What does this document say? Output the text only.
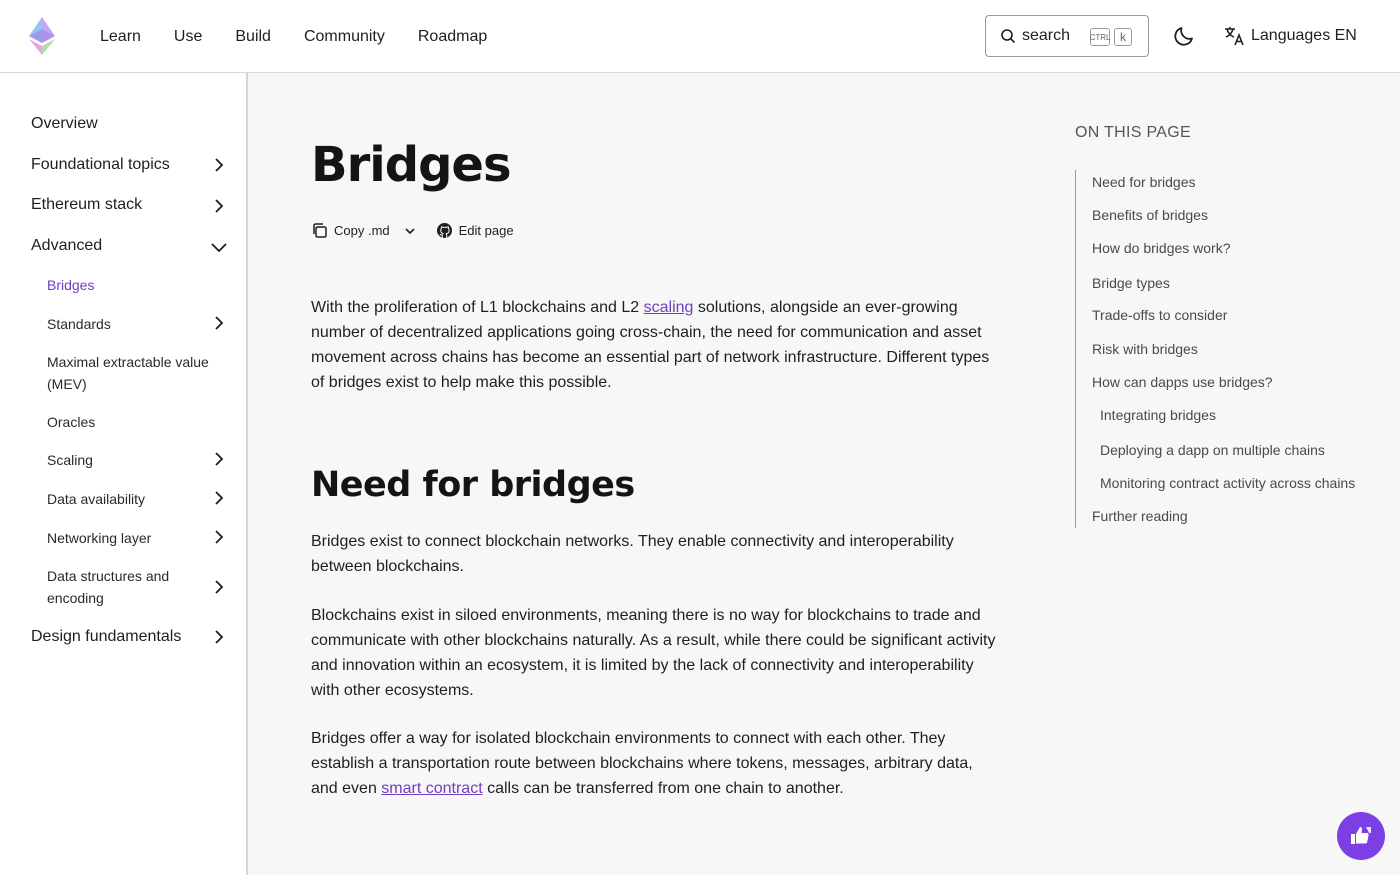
Learn Use Build Community Roadmap	search CTRL k	Languages EN
Overview
Foundational topics
Ethereum stack
Advanced
Bridges
Standards
Maximal extractable value (MEV)
Oracles
Scaling
Data availability
Networking layer
Data structures and encoding
Design fundamentals
Bridges
Copy .md	Edit page

With the proliferation of L1 blockchains and L2 scaling solutions, alongside an ever-growing number of decentralized applications going cross-chain, the need for communication and asset movement across chains has become an essential part of network infrastructure. Different types of bridges exist to help make this possible.

Need for bridges

Bridges exist to connect blockchain networks. They enable connectivity and interoperability between blockchains.

Blockchains exist in siloed environments, meaning there is no way for blockchains to trade and communicate with other blockchains naturally. As a result, while there could be significant activity and innovation within an ecosystem, it is limited by the lack of connectivity and interoperability with other ecosystems.

Bridges offer a way for isolated blockchain environments to connect with each other. They establish a transportation route between blockchains where tokens, messages, arbitrary data, and even smart contract calls can be transferred from one chain to another.

ON THIS PAGE
Need for bridges
Benefits of bridges
How do bridges work?
Bridge types
Trade-offs to consider
Risk with bridges
How can dapps use bridges?
Integrating bridges
Deploying a dapp on multiple chains
Monitoring contract activity across chains
Further reading
